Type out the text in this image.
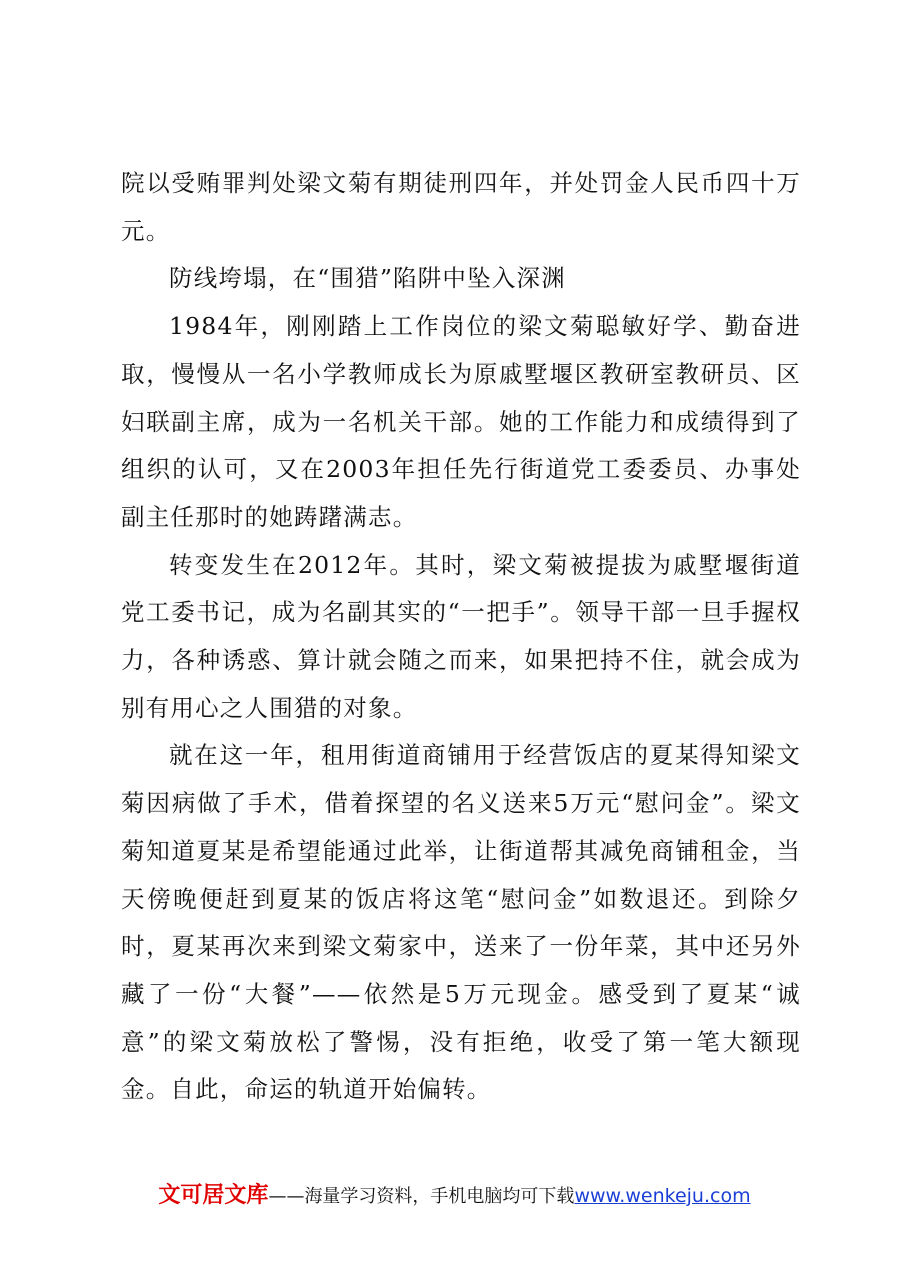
院以受贿罪判处梁文菊有期徒刑四年，并处罚金人民币四十万元。

防线垮塌，在“围猎”陷阱中坠入深渊

1984年，刚刚踏上工作岗位的梁文菊聪敏好学、勤奋进取，慢慢从一名小学教师成长为原戚墅堰区教研室教研员、区妇联副主席，成为一名机关干部。她的工作能力和成绩得到了组织的认可，又在2003年担任先行街道党工委委员、办事处副主任那时的她踌躇满志。

转变发生在2012年。其时，梁文菊被提拔为戚墅堰街道党工委书记，成为名副其实的“一把手”。领导干部一旦手握权力，各种诱惑、算计就会随之而来，如果把持不住，就会成为别有用心之人围猎的对象。

就在这一年，租用街道商铺用于经营饭店的夏某得知梁文菊因病做了手术，借着探望的名义送来5万元“慰问金”。梁文菊知道夏某是希望能通过此举，让街道帮其减免商铺租金，当天傍晚便赶到夏某的饭店将这笔“慰问金”如数退还。到除夕时，夏某再次来到梁文菊家中，送来了一份年菜，其中还另外藏了一份“大餐”——依然是5万元现金。感受到了夏某“诚意”的梁文菊放松了警惕，没有拒绝，收受了第一笔大额现金。自此，命运的轨道开始偏转。

文可居文库——海量学习资料，手机电脑均可下载www.wenkeju.com
